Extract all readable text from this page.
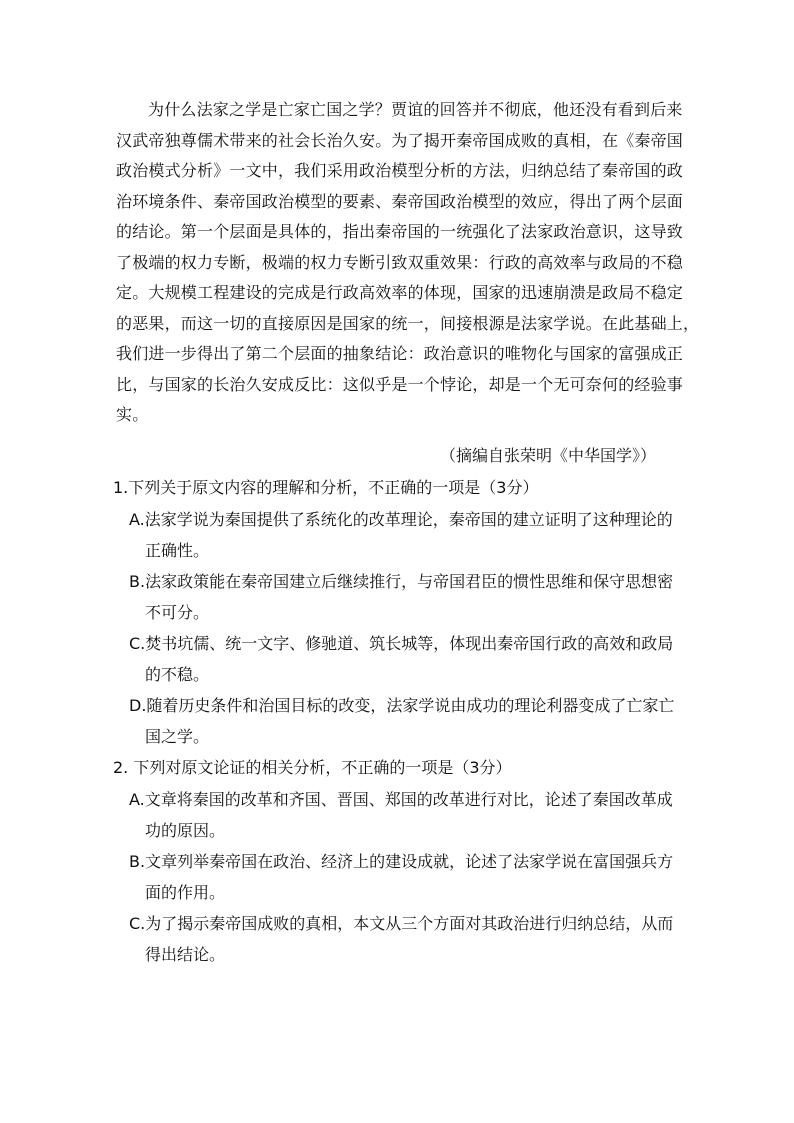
为什么法家之学是亡家亡国之学？贾谊的回答并不彻底，他还没有看到后来
汉武帝独尊儒术带来的社会长治久安。为了揭开秦帝国成败的真相，在《秦帝国
政治模式分析》一文中，我们采用政治模型分析的方法，归纳总结了秦帝国的政
治环境条件、秦帝国政治模型的要素、秦帝国政治模型的效应，得出了两个层面
的结论。第一个层面是具体的，指出秦帝国的一统强化了法家政治意识，这导致
了极端的权力专断，极端的权力专断引致双重效果：行政的高效率与政局的不稳
定。大规模工程建设的完成是行政高效率的体现，国家的迅速崩溃是政局不稳定
的恶果，而这一切的直接原因是国家的统一，间接根源是法家学说。在此基础上，
我们进一步得出了第二个层面的抽象结论：政治意识的唯物化与国家的富强成正
比，与国家的长治久安成反比：这似乎是一个悖论，却是一个无可奈何的经验事
实。
（摘编自张荣明《中华国学》）
1.下列关于原文内容的理解和分析，不正确的一项是（3分）
A.法家学说为秦国提供了系统化的改革理论，秦帝国的建立证明了这种理论的
正确性。
B.法家政策能在秦帝国建立后继续推行，与帝国君臣的惯性思维和保守思想密
不可分。
C.焚书坑儒、统一文字、修驰道、筑长城等，体现出秦帝国行政的高效和政局
的不稳。
D.随着历史条件和治国目标的改变，法家学说由成功的理论利器变成了亡家亡
国之学。
2. 下列对原文论证的相关分析，不正确的一项是（3分）
A.文章将秦国的改革和齐国、晋国、郑国的改革进行对比，论述了秦国改革成
功的原因。
B.文章列举秦帝国在政治、经济上的建设成就，论述了法家学说在富国强兵方
面的作用。
C.为了揭示秦帝国成败的真相，本文从三个方面对其政治进行归纳总结，从而
得出结论。
